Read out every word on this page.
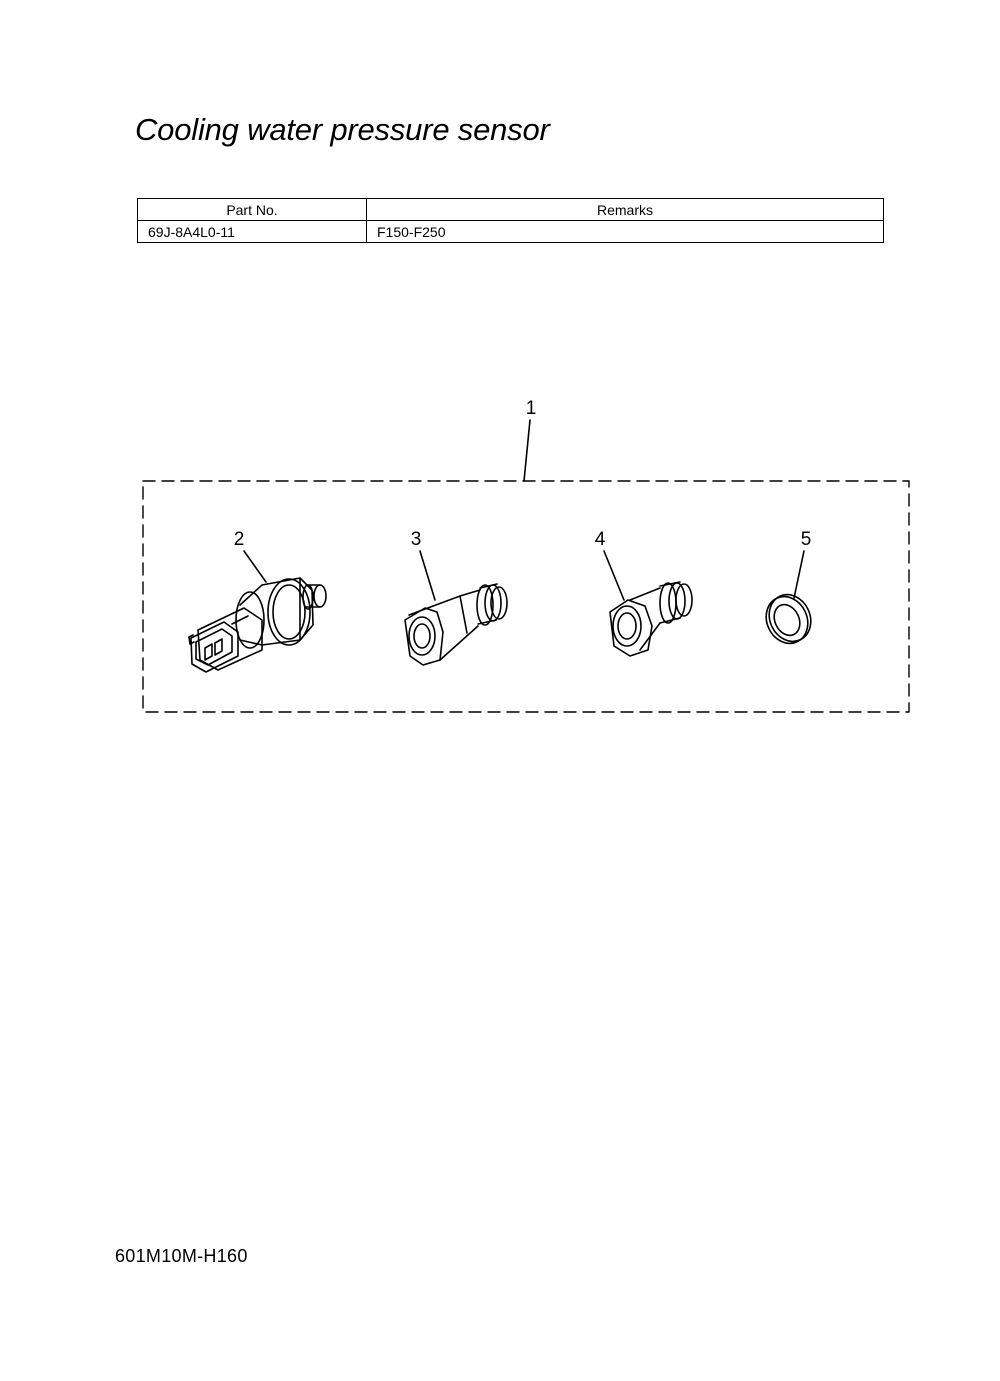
Cooling water pressure sensor
Part No.	Remarks
69J-8A4L0-11	F150-F250
1
2	3	4	5
601M10M-H160
